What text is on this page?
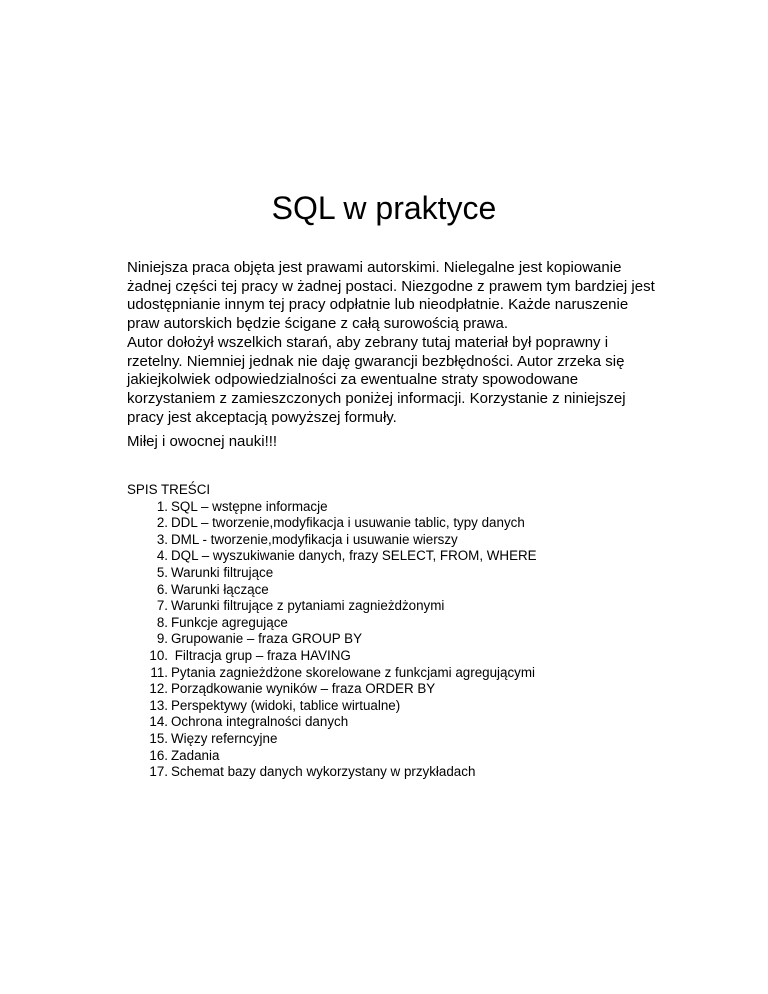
SQL w praktyce

Niniejsza praca objęta jest prawami autorskimi. Nielegalne jest kopiowanie żadnej części tej pracy w żadnej postaci. Niezgodne z prawem tym bardziej jest udostępnianie innym tej pracy odpłatnie lub nieodpłatnie. Każde naruszenie praw autorskich będzie ścigane z całą surowością prawa.

Autor dołożył wszelkich starań, aby zebrany tutaj materiał był poprawny i rzetelny. Niemniej jednak nie daję gwarancji bezbłędności. Autor zrzeka się jakiejkolwiek odpowiedzialności za ewentualne straty spowodowane korzystaniem z zamieszczonych poniżej informacji. Korzystanie z niniejszej pracy jest akceptacją powyższej formuły.

Miłej i owocnej nauki!!!

SPIS TREŚCI

1. SQL – wstępne informacje
2. DDL – tworzenie,modyfikacja i usuwanie tablic, typy danych
3. DML - tworzenie,modyfikacja i usuwanie wierszy
4. DQL – wyszukiwanie danych, frazy SELECT, FROM, WHERE
5. Warunki filtrujące
6. Warunki łączące
7. Warunki filtrujące z pytaniami zagnieżdżonymi
8. Funkcje agregujące
9. Grupowanie – fraza GROUP BY
10. Filtracja grup – fraza HAVING
11. Pytania zagnieżdżone skorelowane z funkcjami agregującymi
12. Porządkowanie wyników – fraza ORDER BY
13. Perspektywy (widoki, tablice wirtualne)
14. Ochrona integralności danych
15. Więzy referncyjne
16. Zadania
17. Schemat bazy danych wykorzystany w przykładach
